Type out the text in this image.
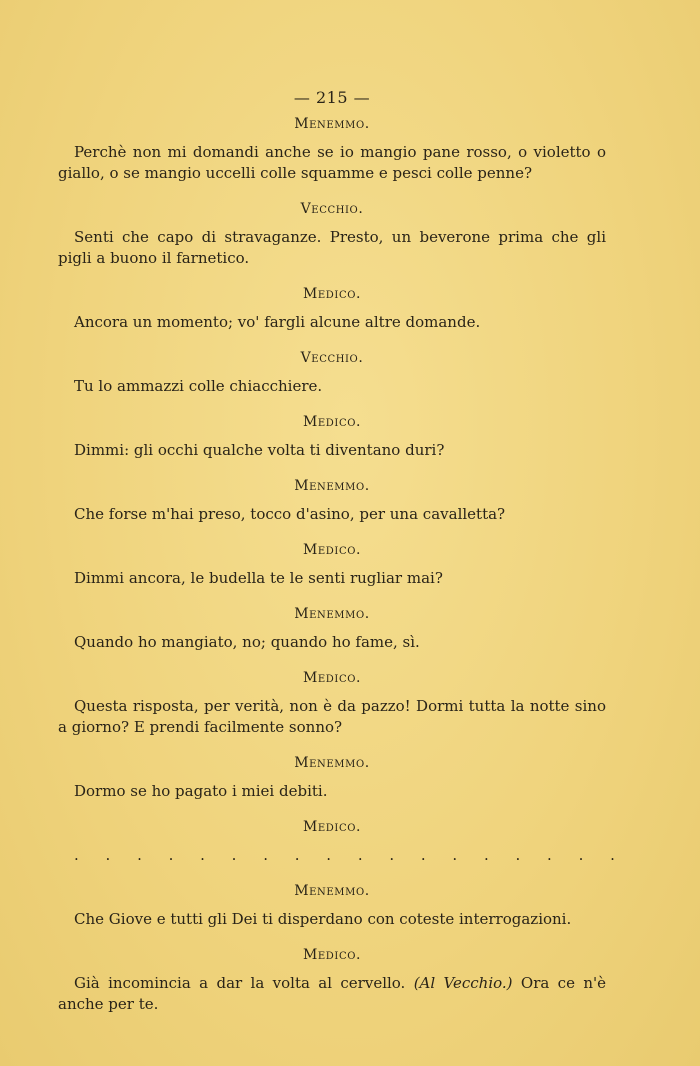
— 215 —
Menemmo.

Perchè non mi domandi anche se io mangio pane rosso, o violetto o giallo, o se mangio uccelli colle squamme e pesci colle penne?

Vecchio.

Senti che capo di stravaganze. Presto, un beverone prima che gli pigli a buono il farnetico.

Medico.

Ancora un momento; vo' fargli alcune altre domande.

Vecchio.

Tu lo ammazzi colle chiacchiere.

Medico.

Dimmi: gli occhi qualche volta ti diventano duri?

Menemmo.

Che forse m'hai preso, tocco d'asino, per una cavalletta?

Medico.

Dimmi ancora, le budella te le senti rugliar mai?

Menemmo.

Quando ho mangiato, no; quando ho fame, sì.

Medico.

Questa risposta, per verità, non è da pazzo! Dormi tutta la notte sino a giorno? E prendi facilmente sonno?

Menemmo.

Dormo se ho pagato i miei debiti.

Medico.
. . . . . . . . . . . . . . . . . .
Menemmo.

Che Giove e tutti gli Dei ti disperdano con coteste interrogazioni.

Medico.

Già incomincia a dar la volta al cervello. (Al Vecchio.) Ora ce n'è anche per te.
